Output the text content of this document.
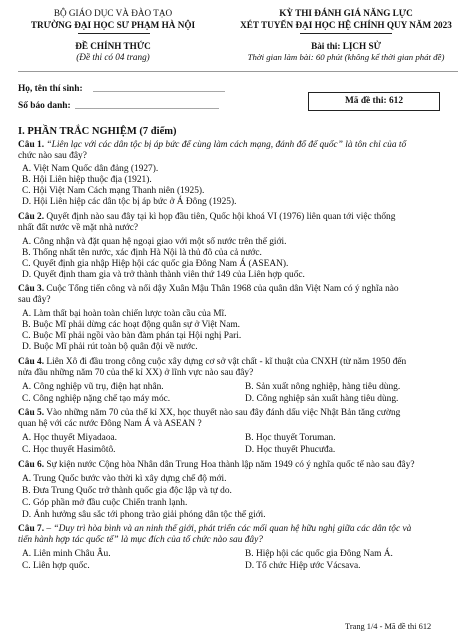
BỘ GIÁO DỤC VÀ ĐÀO TẠO
TRƯỜNG ĐẠI HỌC SƯ PHẠM HÀ NỘI
KỲ THI ĐÁNH GIÁ NĂNG LỰC
XÉT TUYỂN ĐẠI HỌC HỆ CHÍNH QUY NĂM 2023
ĐỀ CHÍNH THỨC
(Đề thi có 04 trang)
Bài thi: LỊCH SỬ
Thời gian làm bài: 60 phút (không kể thời gian phát đề)
Họ, tên thí sinh: ..................................................................
Số báo danh: ........................................................................
Mã đề thi: 612
I. PHẦN TRẮC NGHIỆM (7 điểm)
Câu 1. “Liên lạc với các dân tộc bị áp bức để cùng làm cách mạng, đánh đổ đế quốc” là tôn chỉ của tổ
chức nào sau đây?
A. Việt Nam Quốc dân đảng (1927).
B. Hội Liên hiệp thuộc địa (1921).
C. Hội Việt Nam Cách mạng Thanh niên (1925).
D. Hội Liên hiệp các dân tộc bị áp bức ở Á Đông (1925).
Câu 2. Quyết định nào sau đây tại kì họp đầu tiên, Quốc hội khoá VI (1976) liên quan tới việc thống
nhất đất nước về mặt nhà nước?
A. Công nhận và đặt quan hệ ngoại giao với một số nước trên thế giới.
B. Thống nhất tên nước, xác định Hà Nội là thủ đô của cả nước.
C. Quyết định gia nhập Hiệp hội các quốc gia Đông Nam Á (ASEAN).
D. Quyết định tham gia và trở thành thành viên thứ 149 của Liên hợp quốc.
Câu 3. Cuộc Tổng tiến công và nổi dậy Xuân Mậu Thân 1968 của quân dân Việt Nam có ý nghĩa nào
sau đây?
A. Làm thất bại hoàn toàn chiến lược toàn cầu của Mĩ.
B. Buộc Mĩ phải dừng các hoạt động quân sự ở Việt Nam.
C. Buộc Mĩ phải ngồi vào bàn đàm phán tại Hội nghị Pari.
D. Buộc Mĩ phải rút toàn bộ quân đội về nước.
Câu 4. Liên Xô đi đầu trong công cuộc xây dựng cơ sở vật chất - kĩ thuật của CNXH (từ năm 1950 đến
nửa đầu những năm 70 của thế kỉ XX) ở lĩnh vực nào sau đây?
A. Công nghiệp vũ trụ, điện hạt nhân.	B. Sản xuất nông nghiệp, hàng tiêu dùng.
C. Công nghiệp nặng chế tạo máy móc.	D. Công nghiệp sản xuất hàng tiêu dùng.
Câu 5. Vào những năm 70 của thế kỉ XX, học thuyết nào sau đây đánh dấu việc Nhật Bản tăng cường
quan hệ với các nước Đông Nam Á và ASEAN ?
A. Học thuyết Miyadaoa.	B. Học thuyết Toruman.
C. Học thuyết Hasimôtô.	D. Học thuyết Phucưđa.
Câu 6. Sự kiện nước Cộng hòa Nhân dân Trung Hoa thành lập năm 1949 có ý nghĩa quốc tế nào sau đây?
A. Trung Quốc bước vào thời kì xây dựng chế độ mới.
B. Đưa Trung Quốc trở thành quốc gia độc lập và tự do.
C. Góp phần mở đầu cuộc Chiến tranh lạnh.
D. Ảnh hưởng sâu sắc tới phong trào giải phóng dân tộc thế giới.
Câu 7. – “Duy trì hòa bình và an ninh thế giới, phát triển các mối quan hệ hữu nghị giữa các dân tộc và
tiến hành hợp tác quốc tế” là mục đích của tổ chức nào sau đây?
A. Liên minh Châu Âu.	B. Hiệp hội các quốc gia Đông Nam Á.
C. Liên hợp quốc.	D. Tổ chức Hiệp ước Vácsava.
Trang 1/4 - Mã đề thi 612
